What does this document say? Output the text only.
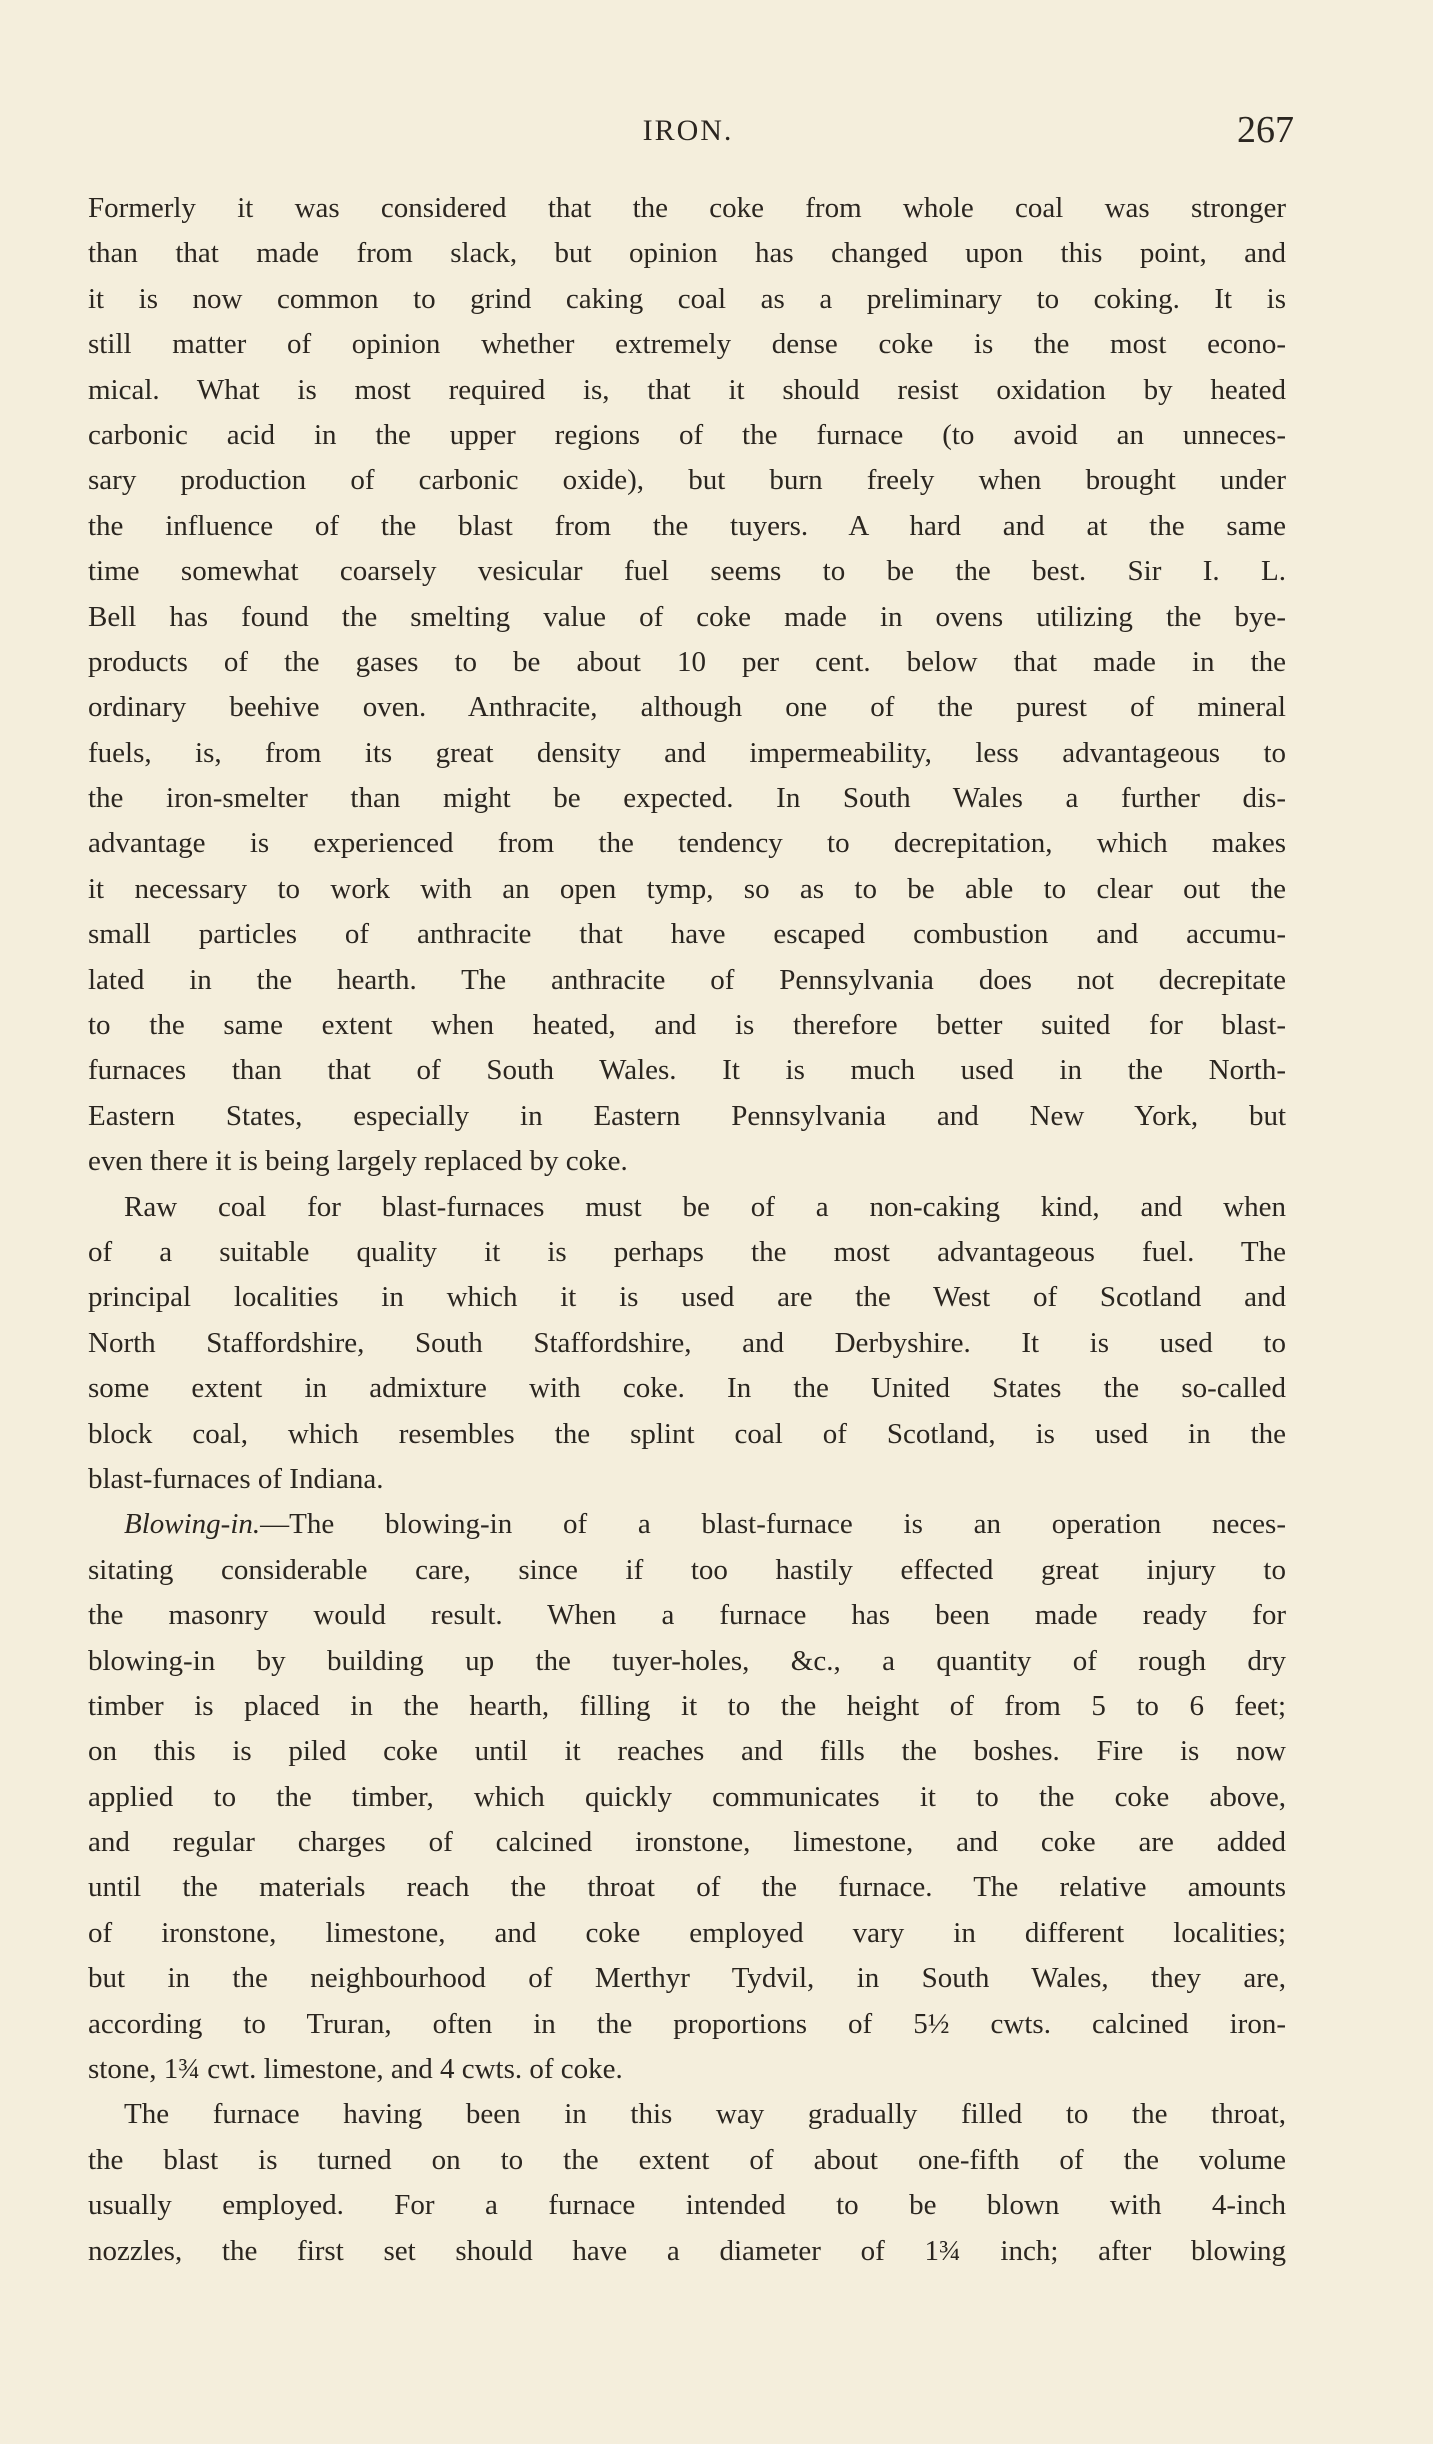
IRON.	267
Formerly it was considered that the coke from whole coal was stronger
than that made from slack, but opinion has changed upon this point, and
it is now common to grind caking coal as a preliminary to coking. It is
still matter of opinion whether extremely dense coke is the most econo-
mical. What is most required is, that it should resist oxidation by heated
carbonic acid in the upper regions of the furnace (to avoid an unneces-
sary production of carbonic oxide), but burn freely when brought under
the influence of the blast from the tuyers. A hard and at the same
time somewhat coarsely vesicular fuel seems to be the best. Sir I. L.
Bell has found the smelting value of coke made in ovens utilizing the bye-
products of the gases to be about 10 per cent. below that made in the
ordinary beehive oven. Anthracite, although one of the purest of mineral
fuels, is, from its great density and impermeability, less advantageous to
the iron-smelter than might be expected. In South Wales a further dis-
advantage is experienced from the tendency to decrepitation, which makes
it necessary to work with an open tymp, so as to be able to clear out the
small particles of anthracite that have escaped combustion and accumu-
lated in the hearth. The anthracite of Pennsylvania does not decrepitate
to the same extent when heated, and is therefore better suited for blast-
furnaces than that of South Wales. It is much used in the North-
Eastern States, especially in Eastern Pennsylvania and New York, but
even there it is being largely replaced by coke.
Raw coal for blast-furnaces must be of a non-caking kind, and when
of a suitable quality it is perhaps the most advantageous fuel. The
principal localities in which it is used are the West of Scotland and
North Staffordshire, South Staffordshire, and Derbyshire. It is used to
some extent in admixture with coke. In the United States the so-called
block coal, which resembles the splint coal of Scotland, is used in the
blast-furnaces of Indiana.
Blowing-in.—The blowing-in of a blast-furnace is an operation neces-
sitating considerable care, since if too hastily effected great injury to
the masonry would result. When a furnace has been made ready for
blowing-in by building up the tuyer-holes, &c., a quantity of rough dry
timber is placed in the hearth, filling it to the height of from 5 to 6 feet;
on this is piled coke until it reaches and fills the boshes. Fire is now
applied to the timber, which quickly communicates it to the coke above,
and regular charges of calcined ironstone, limestone, and coke are added
until the materials reach the throat of the furnace. The relative amounts
of ironstone, limestone, and coke employed vary in different localities;
but in the neighbourhood of Merthyr Tydvil, in South Wales, they are,
according to Truran, often in the proportions of 5½ cwts. calcined iron-
stone, 1¾ cwt. limestone, and 4 cwts. of coke.
The furnace having been in this way gradually filled to the throat,
the blast is turned on to the extent of about one-fifth of the volume
usually employed. For a furnace intended to be blown with 4-inch
nozzles, the first set should have a diameter of 1¾ inch; after blowing
